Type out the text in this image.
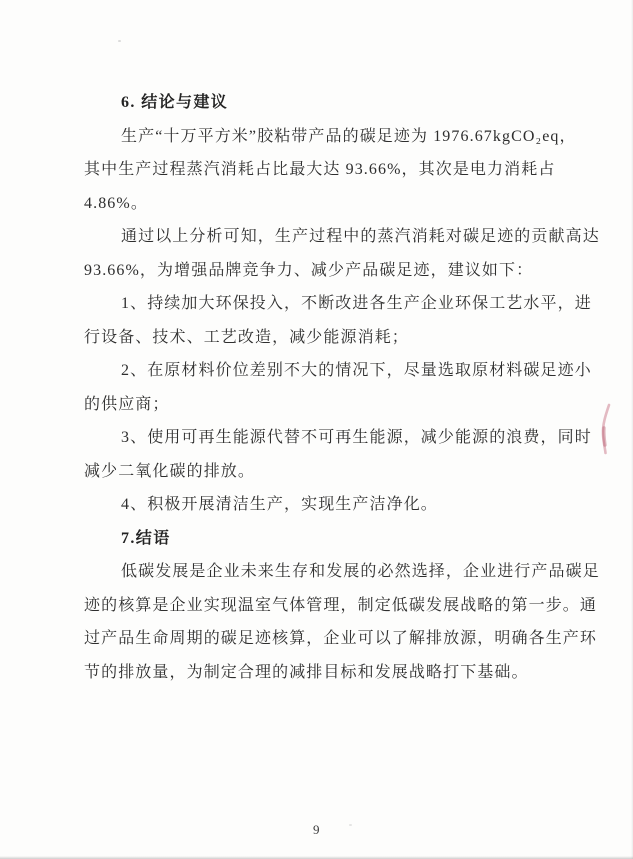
6. 结论与建议
生产“十万平方米”胶粘带产品的碳足迹为 1976.67kgCO₂eq，
其中生产过程蒸汽消耗占比最大达 93.66%，其次是电力消耗占
4.86%。
通过以上分析可知，生产过程中的蒸汽消耗对碳足迹的贡献高达
93.66%，为增强品牌竞争力、减少产品碳足迹，建议如下：
1、持续加大环保投入，不断改进各生产企业环保工艺水平，进
行设备、技术、工艺改造，减少能源消耗；
2、在原材料价位差别不大的情况下，尽量选取原材料碳足迹小
的供应商；
3、使用可再生能源代替不可再生能源，减少能源的浪费，同时
减少二氧化碳的排放。
4、积极开展清洁生产，实现生产洁净化。
7.结语
低碳发展是企业未来生存和发展的必然选择，企业进行产品碳足
迹的核算是企业实现温室气体管理，制定低碳发展战略的第一步。通
过产品生命周期的碳足迹核算，企业可以了解排放源，明确各生产环
节的排放量，为制定合理的减排目标和发展战略打下基础。
9
